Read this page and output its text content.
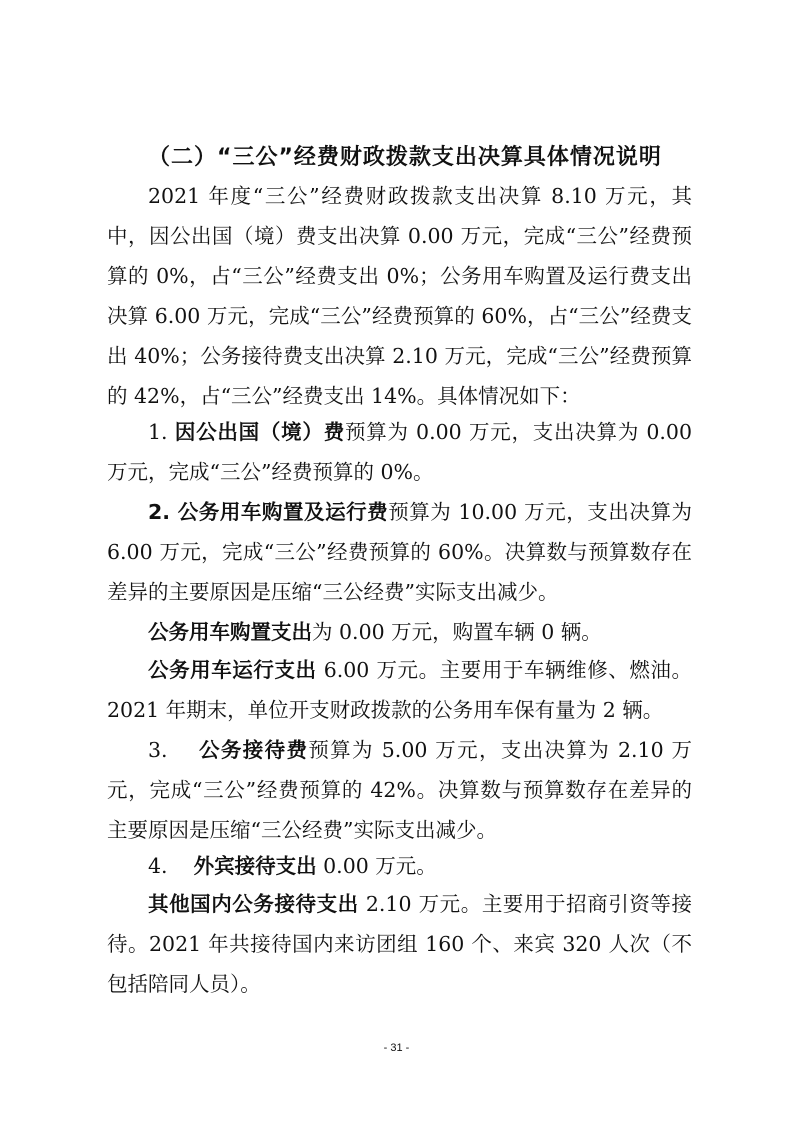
（二）“三公”经费财政拨款支出决算具体情况说明

2021 年度“三公”经费财政拨款支出决算 8.10 万元，其中，因公出国（境）费支出决算 0.00 万元，完成“三公”经费预算的 0%，占“三公”经费支出 0%；公务用车购置及运行费支出决算 6.00 万元，完成“三公”经费预算的 60%，占“三公”经费支出 40%；公务接待费支出决算 2.10 万元，完成“三公”经费预算的 42%，占“三公”经费支出 14%。具体情况如下：

1. 因公出国（境）费预算为 0.00 万元，支出决算为 0.00 万元，完成“三公”经费预算的 0%。

2. 公务用车购置及运行费预算为 10.00 万元，支出决算为 6.00 万元，完成“三公”经费预算的 60%。决算数与预算数存在差异的主要原因是压缩“三公经费”实际支出减少。

公务用车购置支出为 0.00 万元，购置车辆 0 辆。

公务用车运行支出 6.00 万元。主要用于车辆维修、燃油。2021 年期末，单位开支财政拨款的公务用车保有量为 2 辆。

3.    公务接待费预算为 5.00 万元，支出决算为 2.10 万元，完成“三公”经费预算的 42%。决算数与预算数存在差异的主要原因是压缩“三公经费”实际支出减少。

4.    外宾接待支出 0.00 万元。

其他国内公务接待支出 2.10 万元。主要用于招商引资等接待。2021 年共接待国内来访团组 160 个、来宾 320 人次（不包括陪同人员）。

- 31 -
